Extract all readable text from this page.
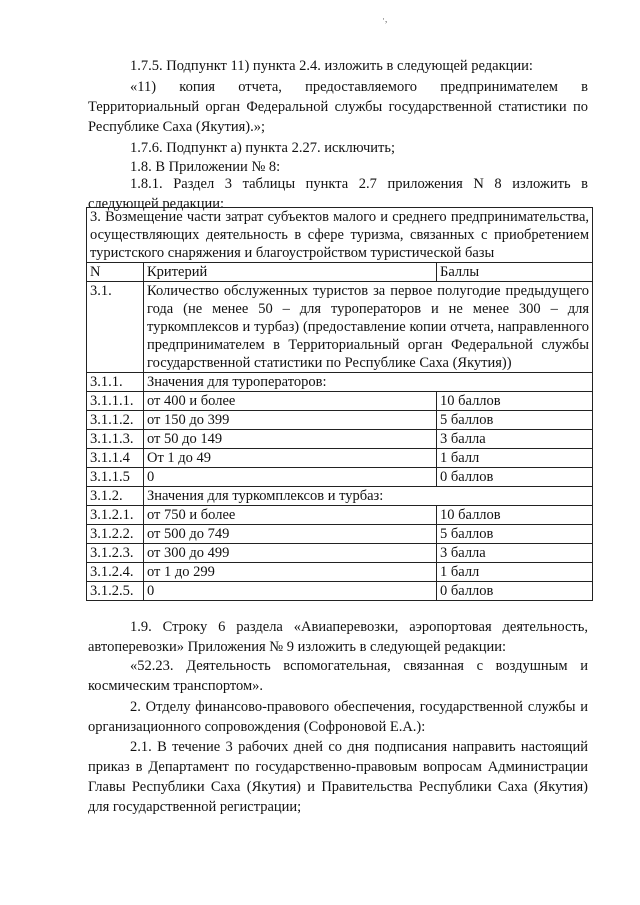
·,

1.7.5. Подпункт 11) пункта 2.4. изложить в следующей редакции:

«11) копия отчета, предоставляемого предпринимателем в Территориальный орган Федеральной службы государственной статистики по Республике Саха (Якутия).»;

1.7.6. Подпункт а) пункта 2.27. исключить;

1.8. В Приложении № 8:

1.8.1. Раздел 3 таблицы пункта 2.7 приложения N 8 изложить в следующей редакции:

3. Возмещение части затрат субъектов малого и среднего предпринимательства, осуществляющих деятельность в сфере туризма, связанных с приобретением туристского снаряжения и благоустройством туристической базы		
N	Критерий	Баллы
3.1.	Количество обслуженных туристов за первое полугодие предыдущего года (не менее 50 – для туроператоров и не менее 300 – для туркомплексов и турбаз) (предоставление копии отчета, направленного предпринимателем в Территориальный орган Федеральной службы государственной статистики по Республике Саха (Якутия))	
3.1.1.	Значения для туроператоров:	
3.1.1.1.	от 400 и более	10 баллов
3.1.1.2.	от 150 до 399	5 баллов
3.1.1.3.	от 50 до 149	3 балла
3.1.1.4	От 1 до 49	1 балл
3.1.1.5	0	0 баллов
3.1.2.	Значения для туркомплексов и турбаз:	
3.1.2.1.	от 750 и более	10 баллов
3.1.2.2.	от 500 до 749	5 баллов
3.1.2.3.	от 300 до 499	3 балла
3.1.2.4.	от 1 до 299	1 балл
3.1.2.5.	0	0 баллов

1.9. Строку 6 раздела «Авиаперевозки, аэропортовая деятельность, автоперевозки» Приложения № 9 изложить в следующей редакции:

«52.23. Деятельность вспомогательная, связанная с воздушным и космическим транспортом».

2. Отделу финансово-правового обеспечения, государственной службы и организационного сопровождения (Софроновой Е.А.):

2.1. В течение 3 рабочих дней со дня подписания направить настоящий приказ в Департамент по государственно-правовым вопросам Администрации Главы Республики Саха (Якутия) и Правительства Республики Саха (Якутия) для государственной регистрации;
